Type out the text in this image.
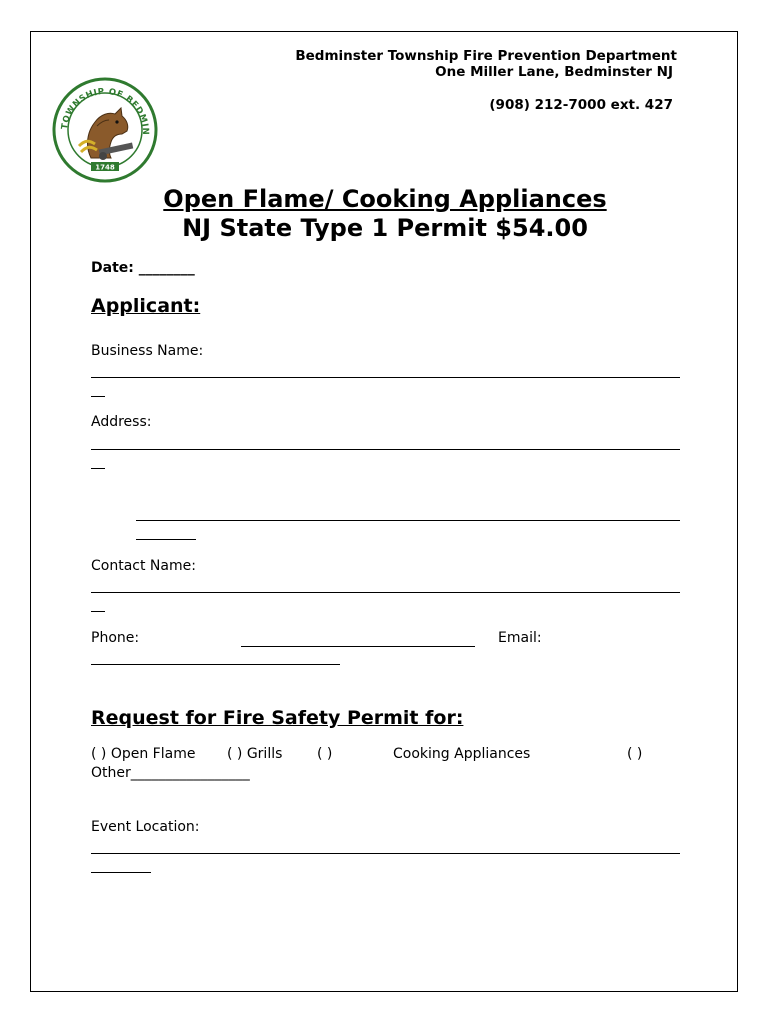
TOWNSHIP OF BEDMIN
1748
Bedminster Township Fire Prevention Department
One Miller Lane, Bedminster NJ
(908) 212-7000 ext. 427
Open Flame/ Cooking Appliances
NJ State Type 1 Permit $54.00
Date: ________
Applicant:
Business Name:
Address:
Contact Name:
Phone:	Email:
Request for Fire Safety Permit for:
( ) Open Flame ( ) Grills ( )	Cooking Appliances	( )
Other_________________
Event Location:
